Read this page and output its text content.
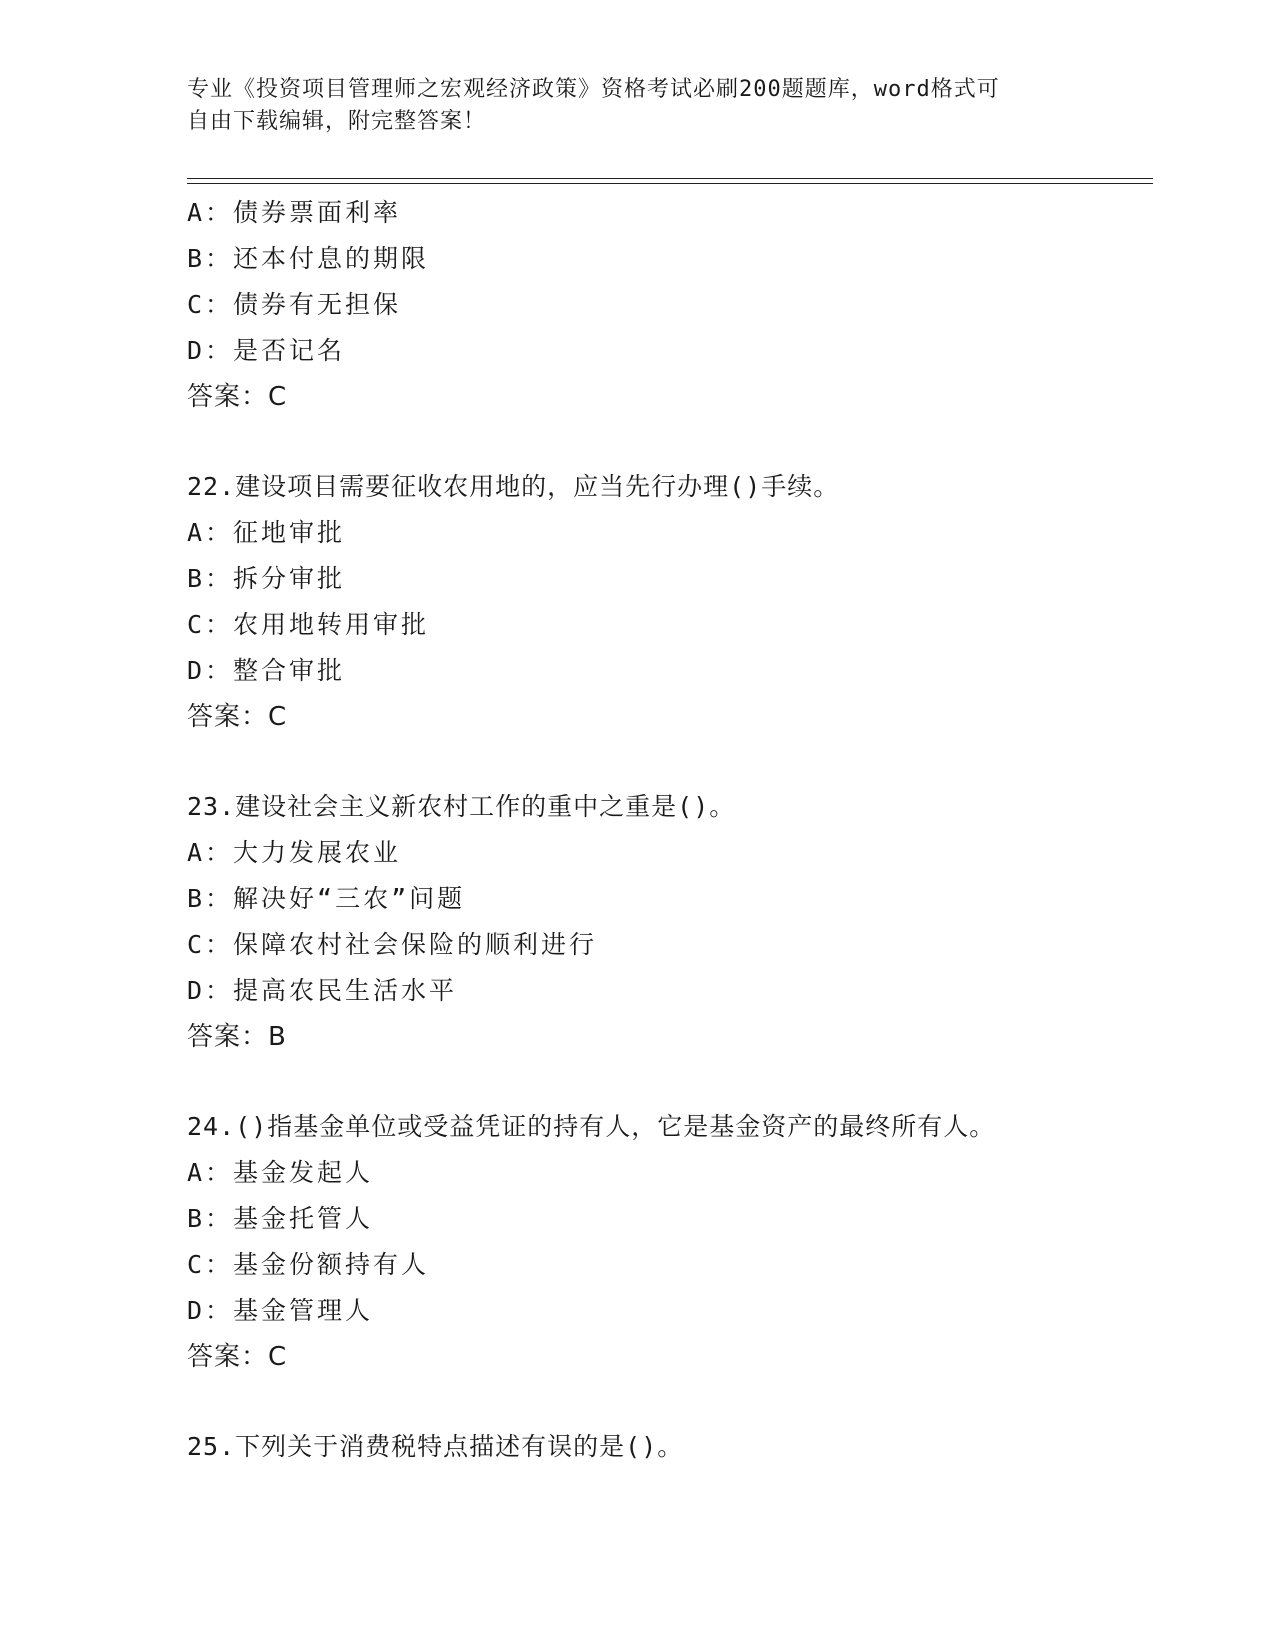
专业《投资项目管理师之宏观经济政策》资格考试必刷200题题库，word格式可
自由下载编辑，附完整答案！
A：债券票面利率
B：还本付息的期限
C：债券有无担保
D：是否记名
答案：C
22.建设项目需要征收农用地的，应当先行办理()手续。
A：征地审批
B：拆分审批
C：农用地转用审批
D：整合审批
答案：C
23.建设社会主义新农村工作的重中之重是()。
A：大力发展农业
B：解决好“三农”问题
C：保障农村社会保险的顺利进行
D：提高农民生活水平
答案：B
24.()指基金单位或受益凭证的持有人，它是基金资产的最终所有人。
A：基金发起人
B：基金托管人
C：基金份额持有人
D：基金管理人
答案：C
25.下列关于消费税特点描述有误的是()。
